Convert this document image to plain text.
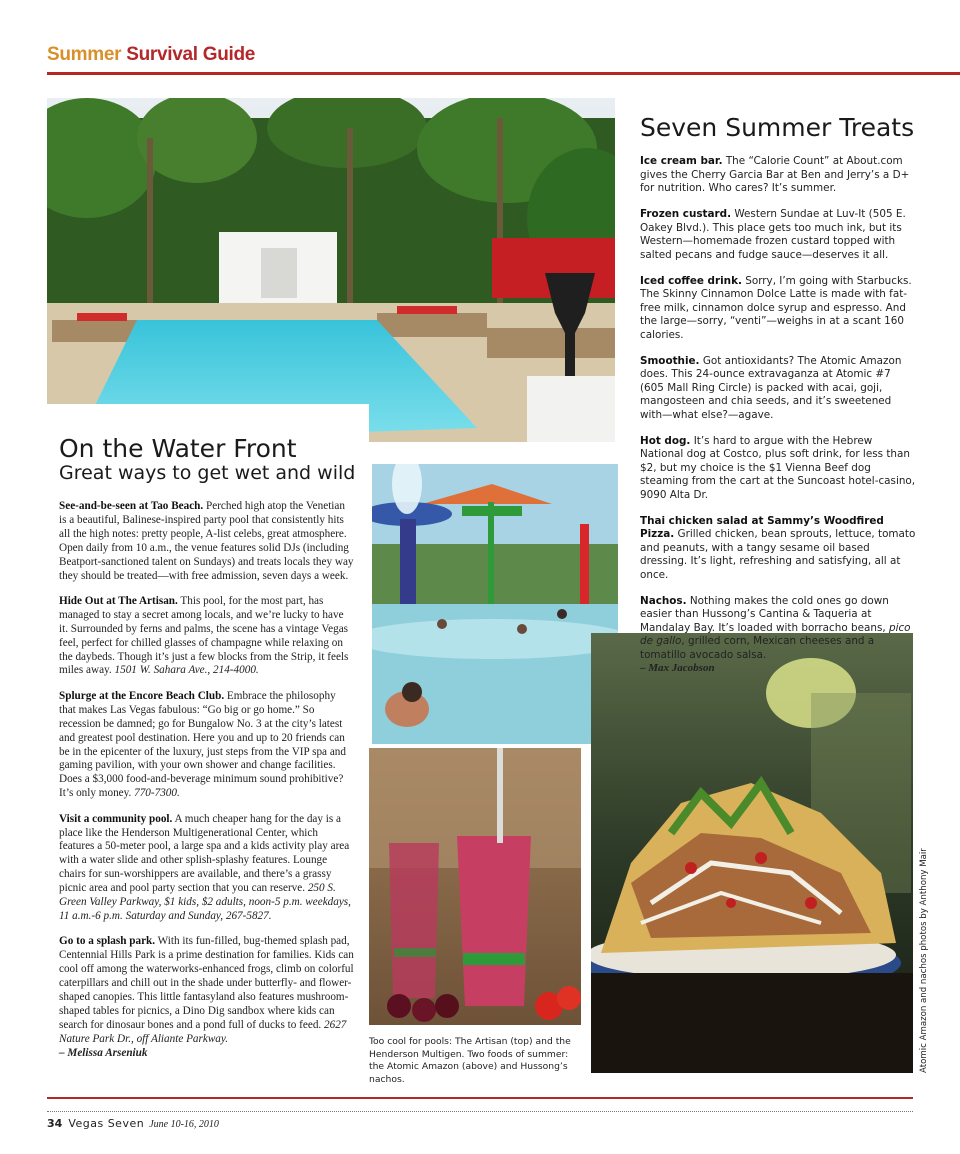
Summer Survival Guide
On the Water Front
Great ways to get wet and wild

See-and-be-seen at Tao Beach. Perched high atop the Venetian is a beautiful, Balinese-inspired party pool that consistently hits all the high notes: pretty people, A-list celebs, great atmosphere. Open daily from 10 a.m., the venue features solid DJs (including Beatport-sanctioned talent on Sundays) and treats locals they way they should be treated—with free admission, seven days a week.

Hide Out at The Artisan. This pool, for the most part, has managed to stay a secret among locals, and we’re lucky to have it. Surrounded by ferns and palms, the scene has a vintage Vegas feel, perfect for chilled glasses of champagne while relaxing on the daybeds. Though it’s just a few blocks from the Strip, it feels miles away. 1501 W. Sahara Ave., 214-4000.

Splurge at the Encore Beach Club. Embrace the philosophy that makes Las Vegas fabulous: “Go big or go home.” So recession be damned; go for Bungalow No. 3 at the city’s latest and greatest pool destination. Here you and up to 20 friends can be in the epicenter of the luxury, just steps from the VIP spa and gaming pavilion, with your own shower and change facilities. Does a $3,000 food-and-beverage minimum sound prohibitive? It’s only money. 770-7300.

Visit a community pool. A much cheaper hang for the day is a place like the Henderson Multigenerational Center, which features a 50-meter pool, a large spa and a kids activity play area with a water slide and other splish-splashy features. Lounge chairs for sun-worshippers are available, and there’s a grassy picnic area and pool party section that you can reserve. 250 S. Green Valley Parkway, $1 kids, $2 adults, noon-5 p.m. weekdays, 11 a.m.-6 p.m. Saturday and Sunday, 267-5827.

Go to a splash park. With its fun-filled, bug-themed splash pad, Centennial Hills Park is a prime destination for families. Kids can cool off among the waterworks-enhanced frogs, climb on colorful caterpillars and chill out in the shade under butterfly- and flower-shaped canopies. This little fantasyland also features mushroom-shaped tables for picnics, a Dino Dig sandbox where kids can search for dinosaur bones and a pond full of ducks to feed. 2627 Nature Park Dr., off Aliante Parkway.
– Melissa Arseniuk

Seven Summer Treats

Ice cream bar. The “Calorie Count” at About.com gives the Cherry Garcia Bar at Ben and Jerry’s a D+ for nutrition. Who cares? It’s summer.

Frozen custard. Western Sundae at Luv-It (505 E. Oakey Blvd.). This place gets too much ink, but its Western—homemade frozen custard topped with salted pecans and fudge sauce—deserves it all.

Iced coffee drink. Sorry, I’m going with Starbucks. The Skinny Cinnamon Dolce Latte is made with fat-free milk, cinnamon dolce syrup and espresso. And the large—sorry, “venti”—weighs in at a scant 160 calories.

Smoothie. Got antioxidants? The Atomic Amazon does. This 24-ounce extravaganza at Atomic #7 (605 Mall Ring Circle) is packed with acai, goji, mangosteen and chia seeds, and it’s sweetened with—what else?—agave.

Hot dog. It’s hard to argue with the Hebrew National dog at Costco, plus soft drink, for less than $2, but my choice is the $1 Vienna Beef dog steaming from the cart at the Suncoast hotel-casino, 9090 Alta Dr.

Thai chicken salad at Sammy’s Woodfired Pizza. Grilled chicken, bean sprouts, lettuce, tomato and peanuts, with a tangy sesame oil based dressing. It’s light, refreshing and satisfying, all at once.

Nachos. Nothing makes the cold ones go down easier than Hussong’s Cantina & Taqueria at Mandalay Bay. It’s loaded with borracho beans, pico de gallo, grilled corn, Mexican cheeses and a tomatillo avocado salsa.
– Max Jacobson

Too cool for pools: The Artisan (top) and the Henderson Multigen. Two foods of summer: the Atomic Amazon (above) and Hussong’s nachos.
Atomic Amazon and nachos photos by Anthony Mair
34 Vegas Seven June 10-16, 2010
